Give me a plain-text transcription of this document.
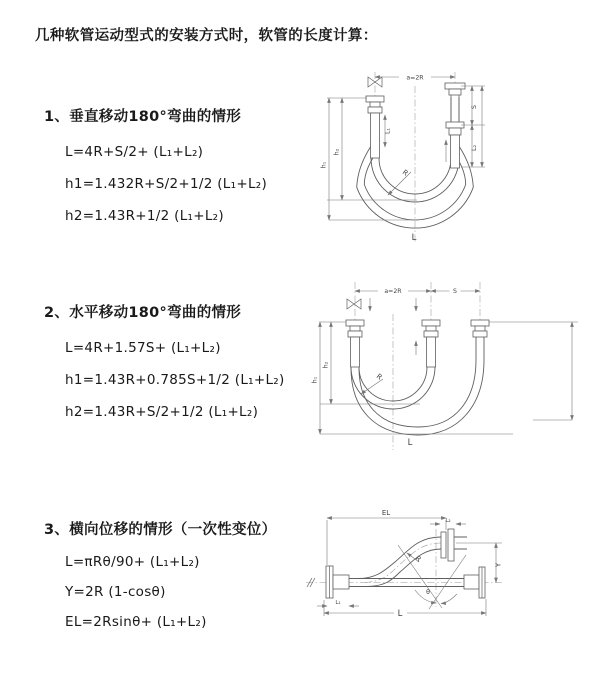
几种软管运动型式的安装方式时，软管的长度计算：
1、垂直移动180°弯曲的情形
L=4R+S/2+ (L₁+L₂)
h1=1.432R+S/2+1/2 (L₁+L₂)
h2=1.43R+1/2 (L₁+L₂)
2、水平移动180°弯曲的情形
L=4R+1.57S+ (L₁+L₂)
h1=1.43R+0.785S+1/2 (L₁+L₂)
h2=1.43R+S/2+1/2 (L₁+L₂)
3、横向位移的情形（一次性变位）
L=πRθ/90+ (L₁+L₂)
Y=2R (1-cosθ)
EL=2Rsinθ+ (L₁+L₂)
a=2R
S
L₂
L₁
h₂
h₁
R
L
a=2R	S
h₂
h₁
L
R
θ
EL
L₂
R
Y
L
L₁
